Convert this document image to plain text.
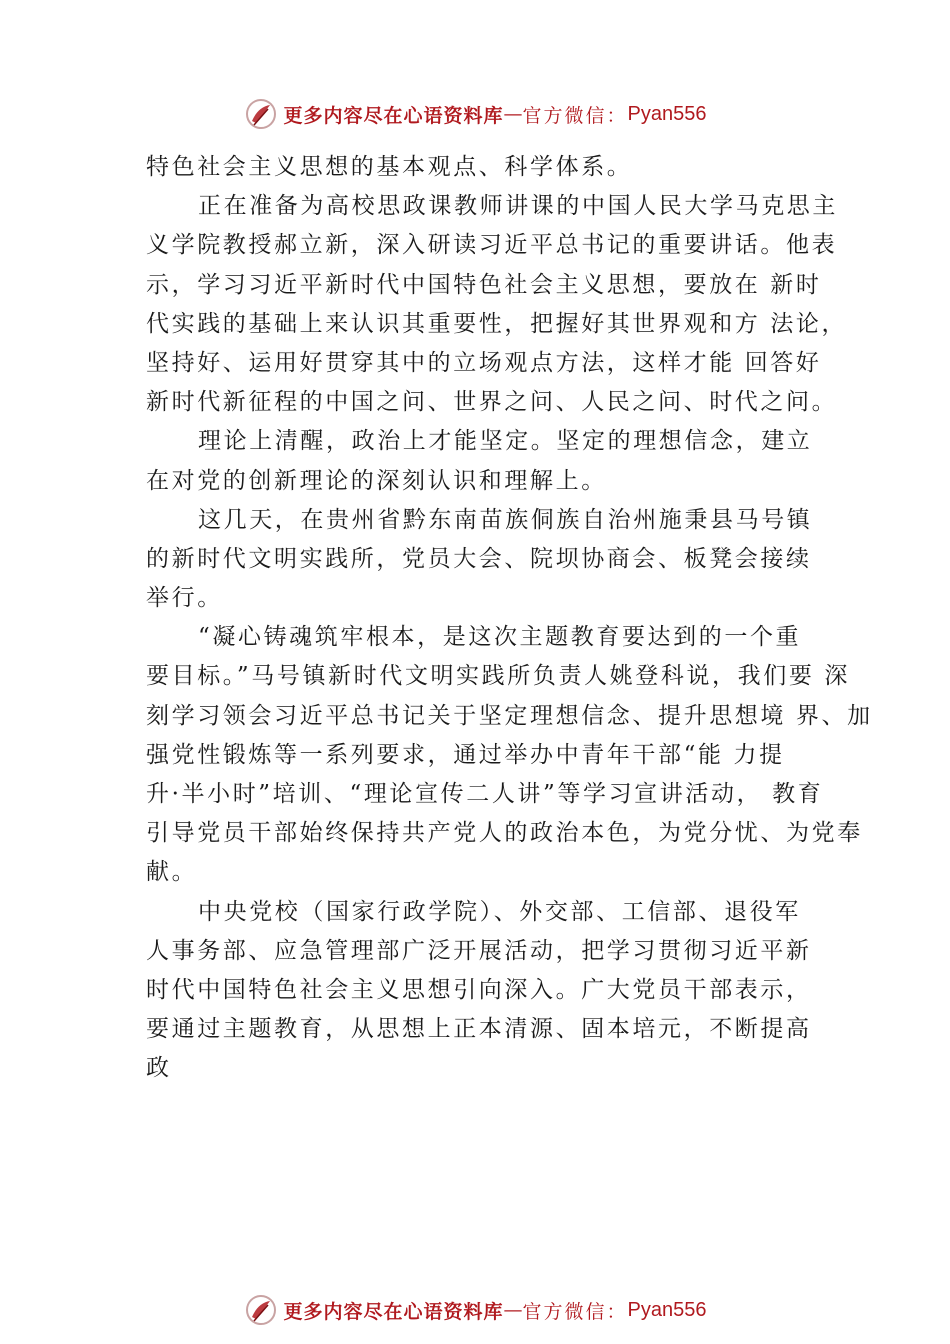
更多内容尽在心语资料库 — 官方微信： Pyan556
特色社会主义思想的基本观点、科学体系。
正在准备为高校思政课教师讲课的中国人民大学马克思主
义学院教授郝立新，深入研读习近平总书记的重要讲话。他表
示，学习习近平新时代中国特色社会主义思想，要放在 新时
代实践的基础上来认识其重要性，把握好其世界观和方 法论，
坚持好、运用好贯穿其中的立场观点方法，这样才能 回答好
新时代新征程的中国之问、世界之问、人民之问、时代之问。
理论上清醒，政治上才能坚定。坚定的理想信念，建立
在对党的创新理论的深刻认识和理解上。
这几天，在贵州省黔东南苗族侗族自治州施秉县马号镇
的新时代文明实践所，党员大会、院坝协商会、板凳会接续
举行。
“凝心铸魂筑牢根本，是这次主题教育要达到的一个重
要目标。”马号镇新时代文明实践所负责人姚登科说，我们要 深
刻学习领会习近平总书记关于坚定理想信念、提升思想境 界、加
强党性锻炼等一系列要求，通过举办中青年干部“能 力提
升·半小时”培训、“理论宣传二人讲”等学习宣讲活动， 教育
引导党员干部始终保持共产党人的政治本色，为党分忧、为党奉
献。
中央党校（国家行政学院）、外交部、工信部、退役军
人事务部、应急管理部广泛开展活动，把学习贯彻习近平新
时代中国特色社会主义思想引向深入。广大党员干部表示，
要通过主题教育，从思想上正本清源、固本培元，不断提高
政
更多内容尽在心语资料库 — 官方微信： Pyan556
